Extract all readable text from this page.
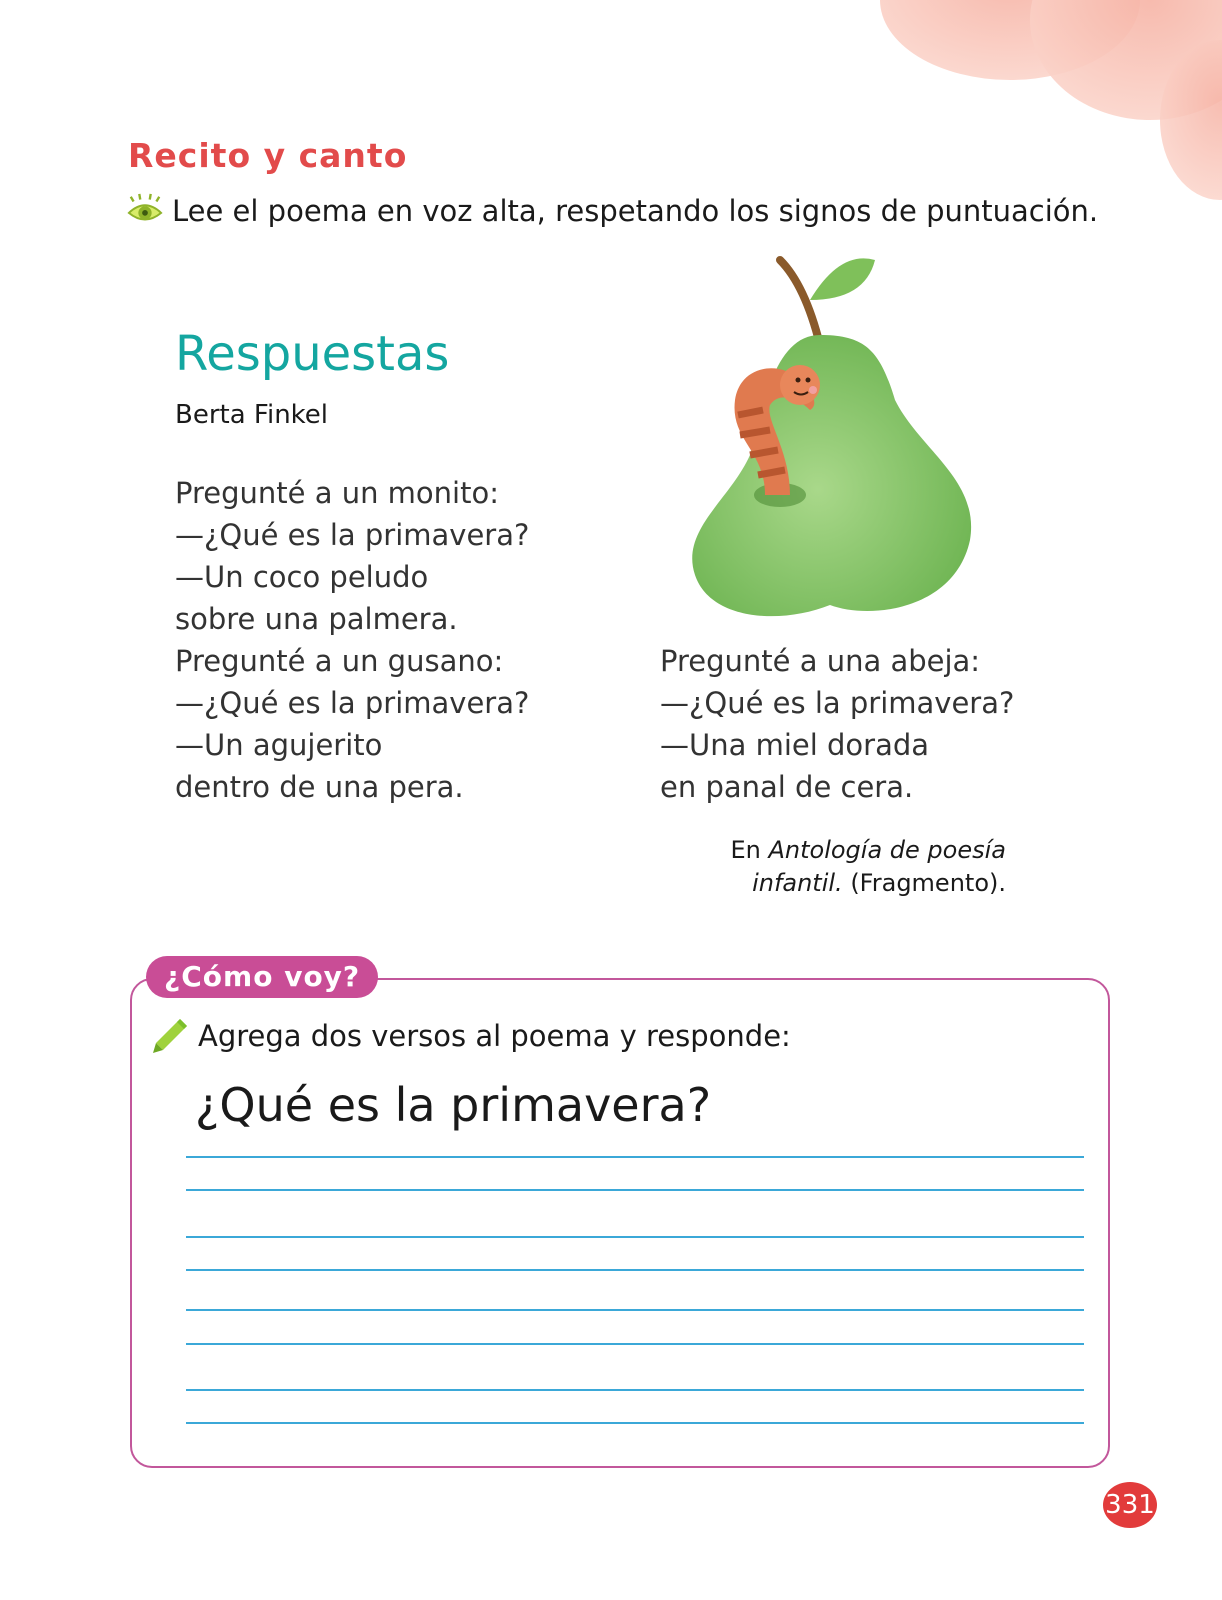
Recito y canto
Lee el poema en voz alta, respetando los signos de puntuación.
Respuestas
Berta Finkel
Pregunté a un monito:
—¿Qué es la primavera?
—Un coco peludo
sobre una palmera.
Pregunté a un gusano:
—¿Qué es la primavera?
—Un agujerito
dentro de una pera.
Pregunté a una abeja:
—¿Qué es la primavera?
—Una miel dorada
en panal de cera.
En Antología de poesía
infantil. (Fragmento).
¿Cómo voy?
Agrega dos versos al poema y responde:
¿Qué es la primavera?
331
